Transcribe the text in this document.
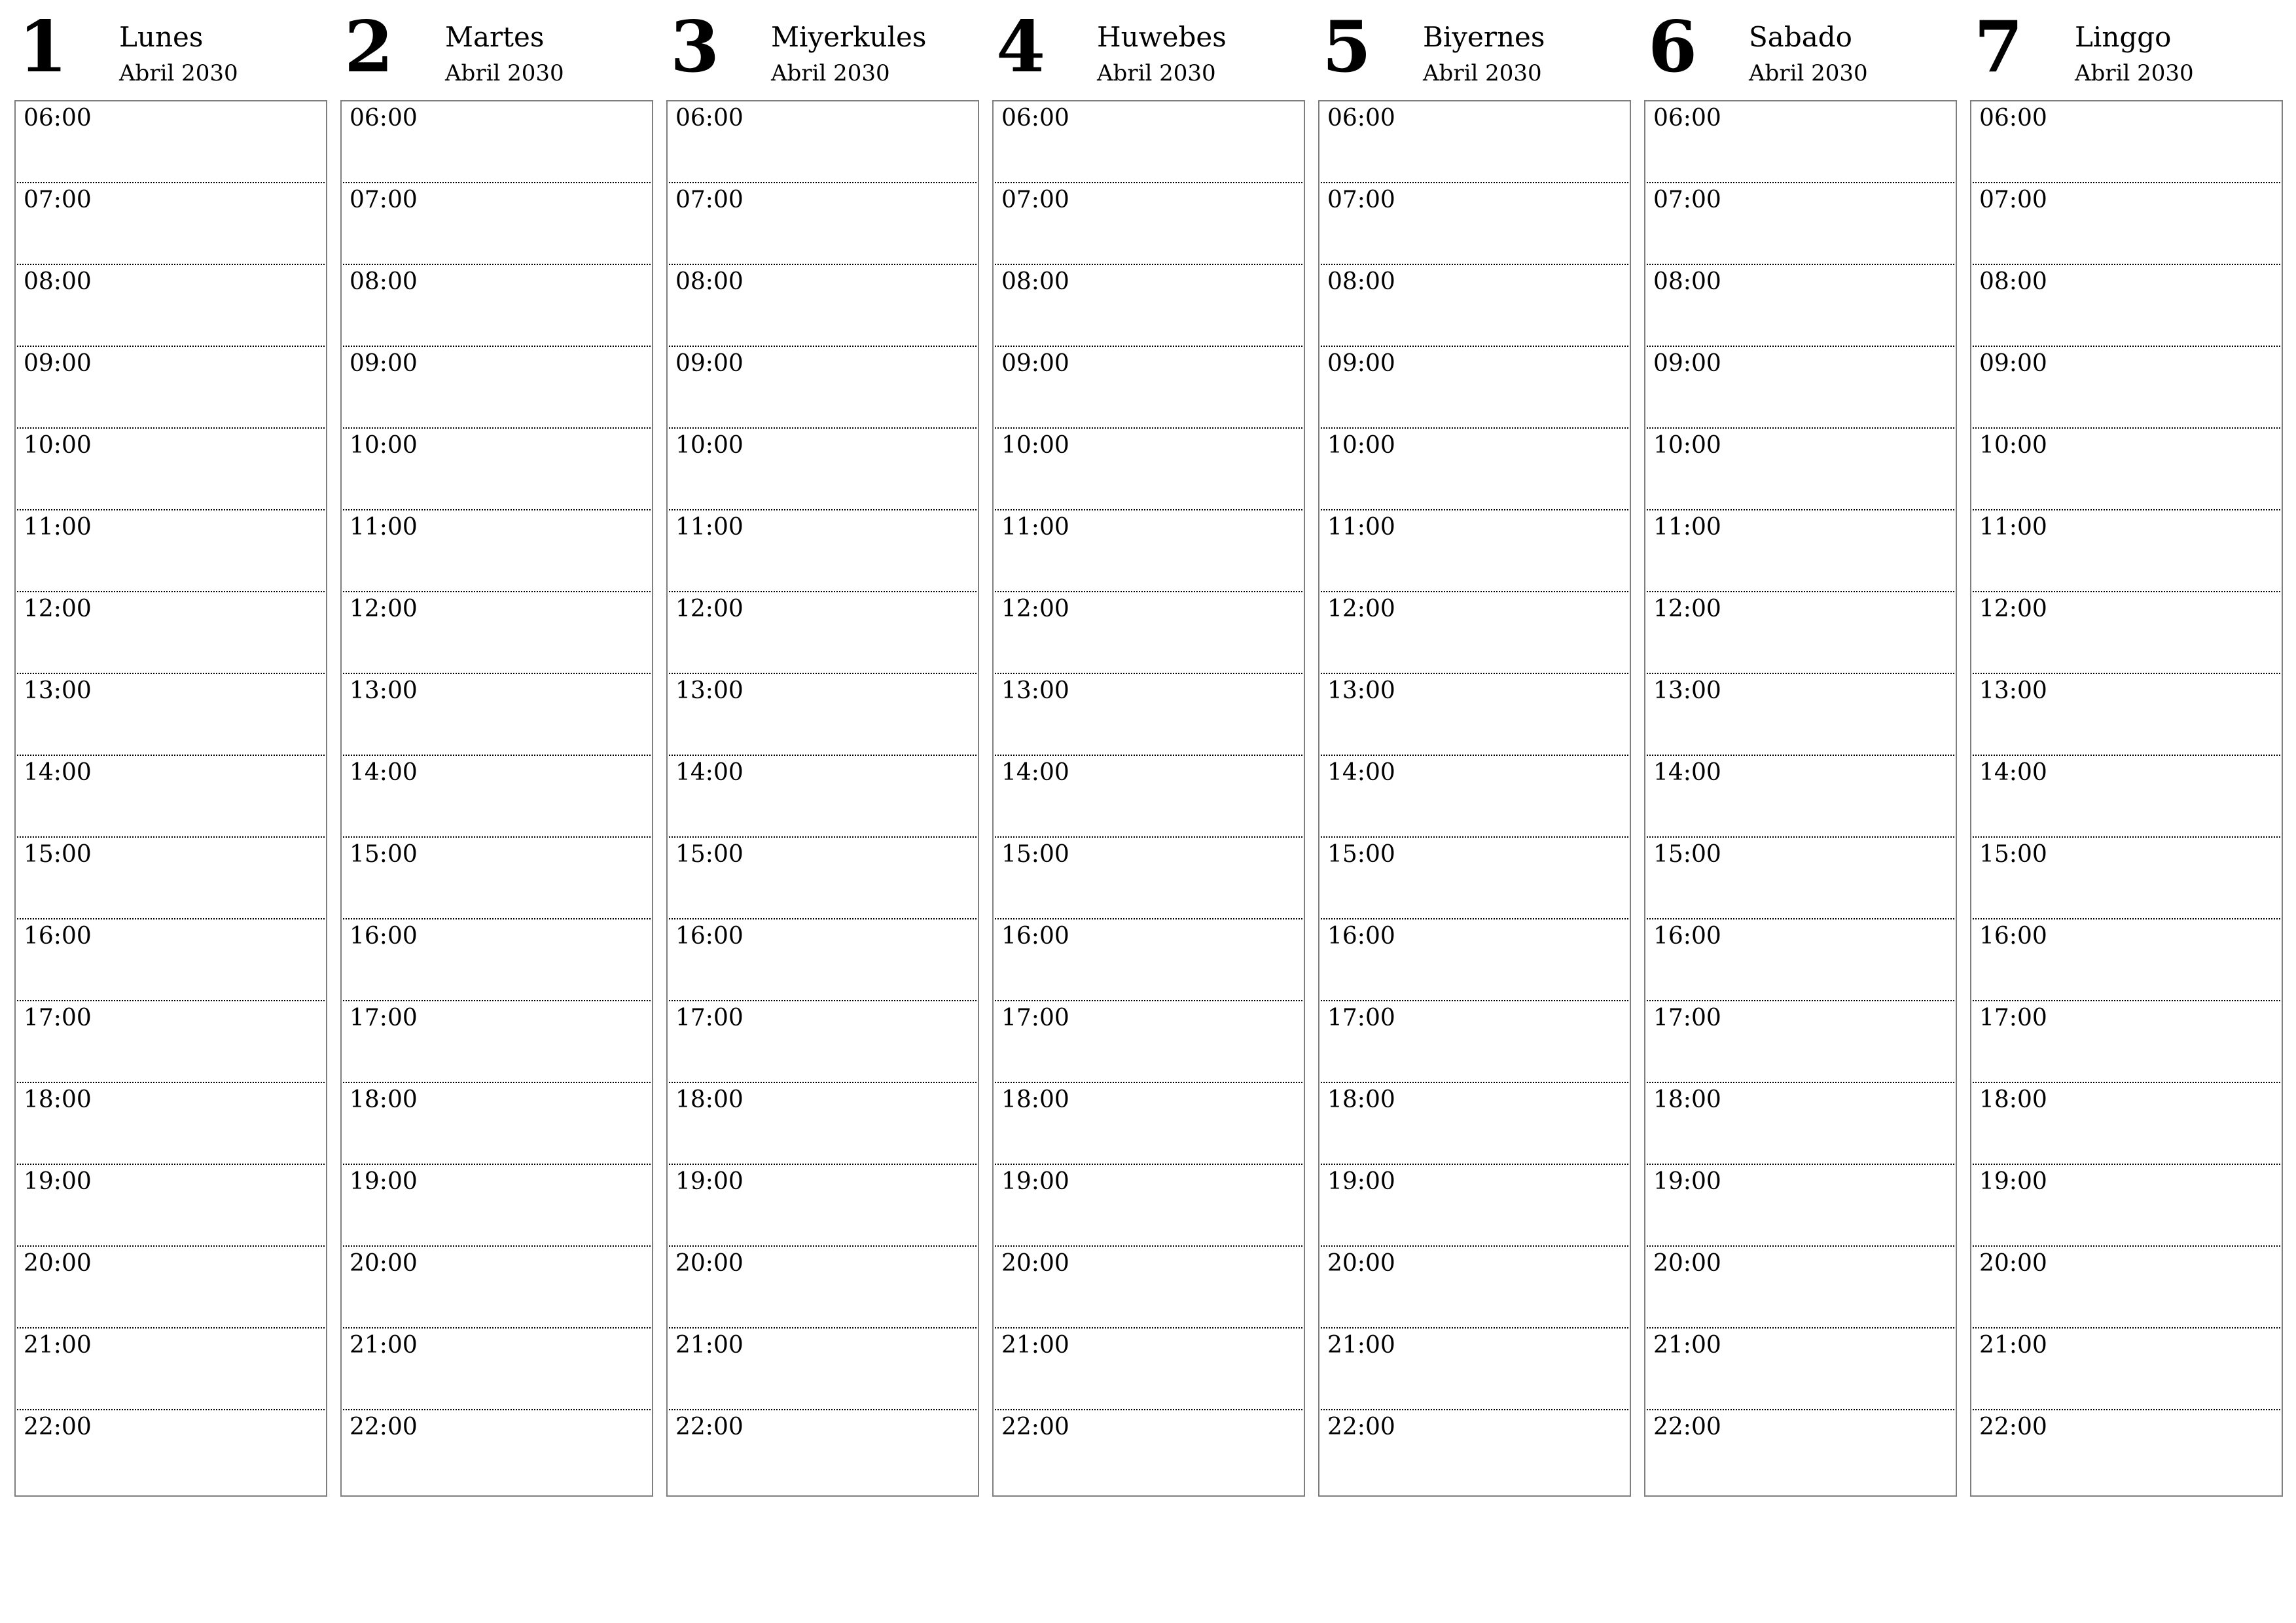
1 Lunes
Abril 2030
06:00
07:00
08:00
09:00
10:00
11:00
12:00
13:00
14:00
15:00
16:00
17:00
18:00
19:00
20:00
21:00
22:00
2 Martes
Abril 2030
06:00
07:00
08:00
09:00
10:00
11:00
12:00
13:00
14:00
15:00
16:00
17:00
18:00
19:00
20:00
21:00
22:00
3 Miyerkules
Abril 2030
06:00
07:00
08:00
09:00
10:00
11:00
12:00
13:00
14:00
15:00
16:00
17:00
18:00
19:00
20:00
21:00
22:00
4 Huwebes
Abril 2030
06:00
07:00
08:00
09:00
10:00
11:00
12:00
13:00
14:00
15:00
16:00
17:00
18:00
19:00
20:00
21:00
22:00
5 Biyernes
Abril 2030
06:00
07:00
08:00
09:00
10:00
11:00
12:00
13:00
14:00
15:00
16:00
17:00
18:00
19:00
20:00
21:00
22:00
6 Sabado
Abril 2030
06:00
07:00
08:00
09:00
10:00
11:00
12:00
13:00
14:00
15:00
16:00
17:00
18:00
19:00
20:00
21:00
22:00
7 Linggo
Abril 2030
06:00
07:00
08:00
09:00
10:00
11:00
12:00
13:00
14:00
15:00
16:00
17:00
18:00
19:00
20:00
21:00
22:00
